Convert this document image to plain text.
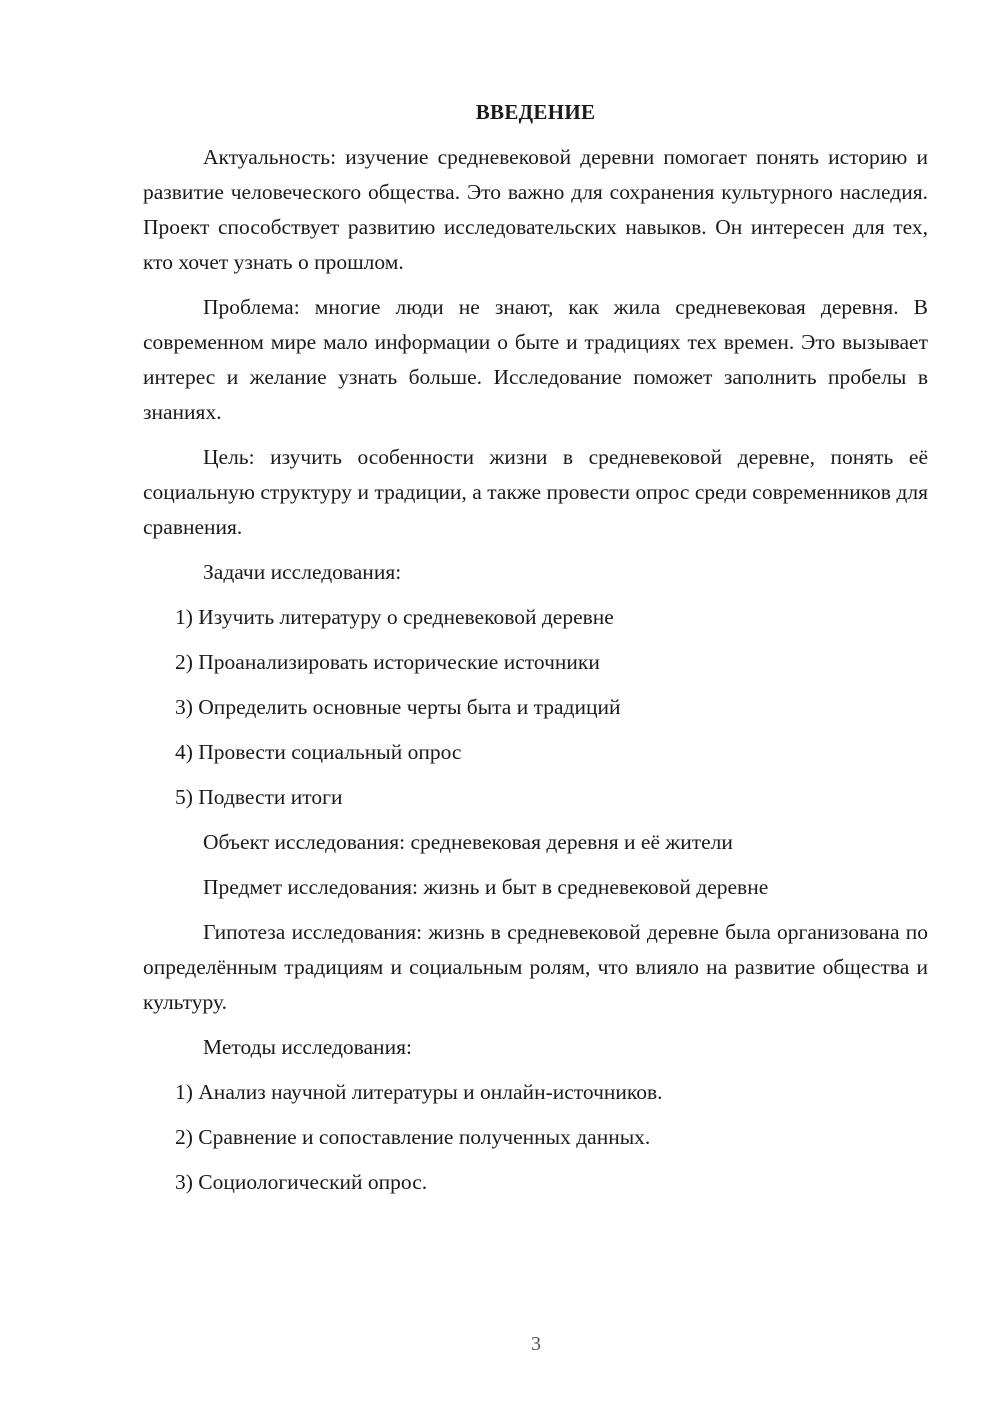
ВВЕДЕНИЕ

Актуальность: изучение средневековой деревни помогает понять историю и развитие человеческого общества. Это важно для сохранения культурного наследия. Проект способствует развитию исследовательских навыков. Он интересен для тех, кто хочет узнать о прошлом.

Проблема: многие люди не знают, как жила средневековая деревня. В современном мире мало информации о быте и традициях тех времен. Это вызывает интерес и желание узнать больше. Исследование поможет заполнить пробелы в знаниях.

Цель: изучить особенности жизни в средневековой деревне, понять её социальную структуру и традиции, а также провести опрос среди современников для сравнения.

Задачи исследования:

1) Изучить литературу о средневековой деревне
2) Проанализировать исторические источники
3) Определить основные черты быта и традиций
4) Провести социальный опрос
5) Подвести итоги

Объект исследования: средневековая деревня и её жители

Предмет исследования: жизнь и быт в средневековой деревне

Гипотеза исследования: жизнь в средневековой деревне была организована по определённым традициям и социальным ролям, что влияло на развитие общества и культуру.

Методы исследования:

1) Анализ научной литературы и онлайн-источников.
2) Сравнение и сопоставление полученных данных.
3) Социологический опрос.
3
